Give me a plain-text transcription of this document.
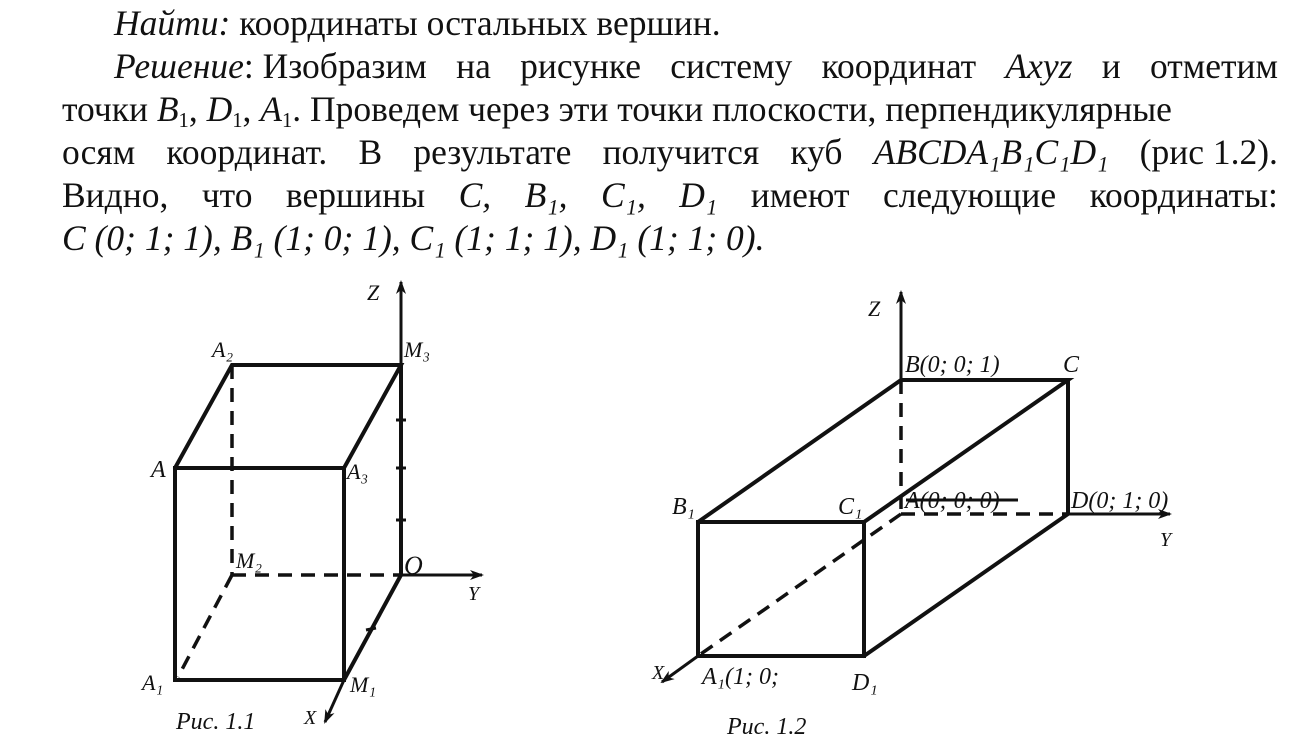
Найти: координаты остальных вершин.
Решение: Изобразим на рисунке систему координат Axyz и отметим
точки $B_1$, $D_1$, $A_1$. Проведем через эти точки плоскости, перпендикулярные
осям координат. В результате получится куб ABCDA₁B₁C₁D₁ (рис 1.2).
Видно, что вершины C, B₁, C₁, D₁ имеют следующие координаты:
C (0; 1; 1), B₁ (1; 0; 1), C₁ (1; 1; 1), D₁ (1; 1; 0).
Z
Y
X
O
A
A₁
A₂
A₃
M₁
M₂
M₃
Z
Y
X
B(0; 0; 1)	C
B₁	C₁ A(0; 0; 0)	D(0; 1; 0)
A₁(1; 0;	D₁
Рис. 1.1	Рис. 1.2
